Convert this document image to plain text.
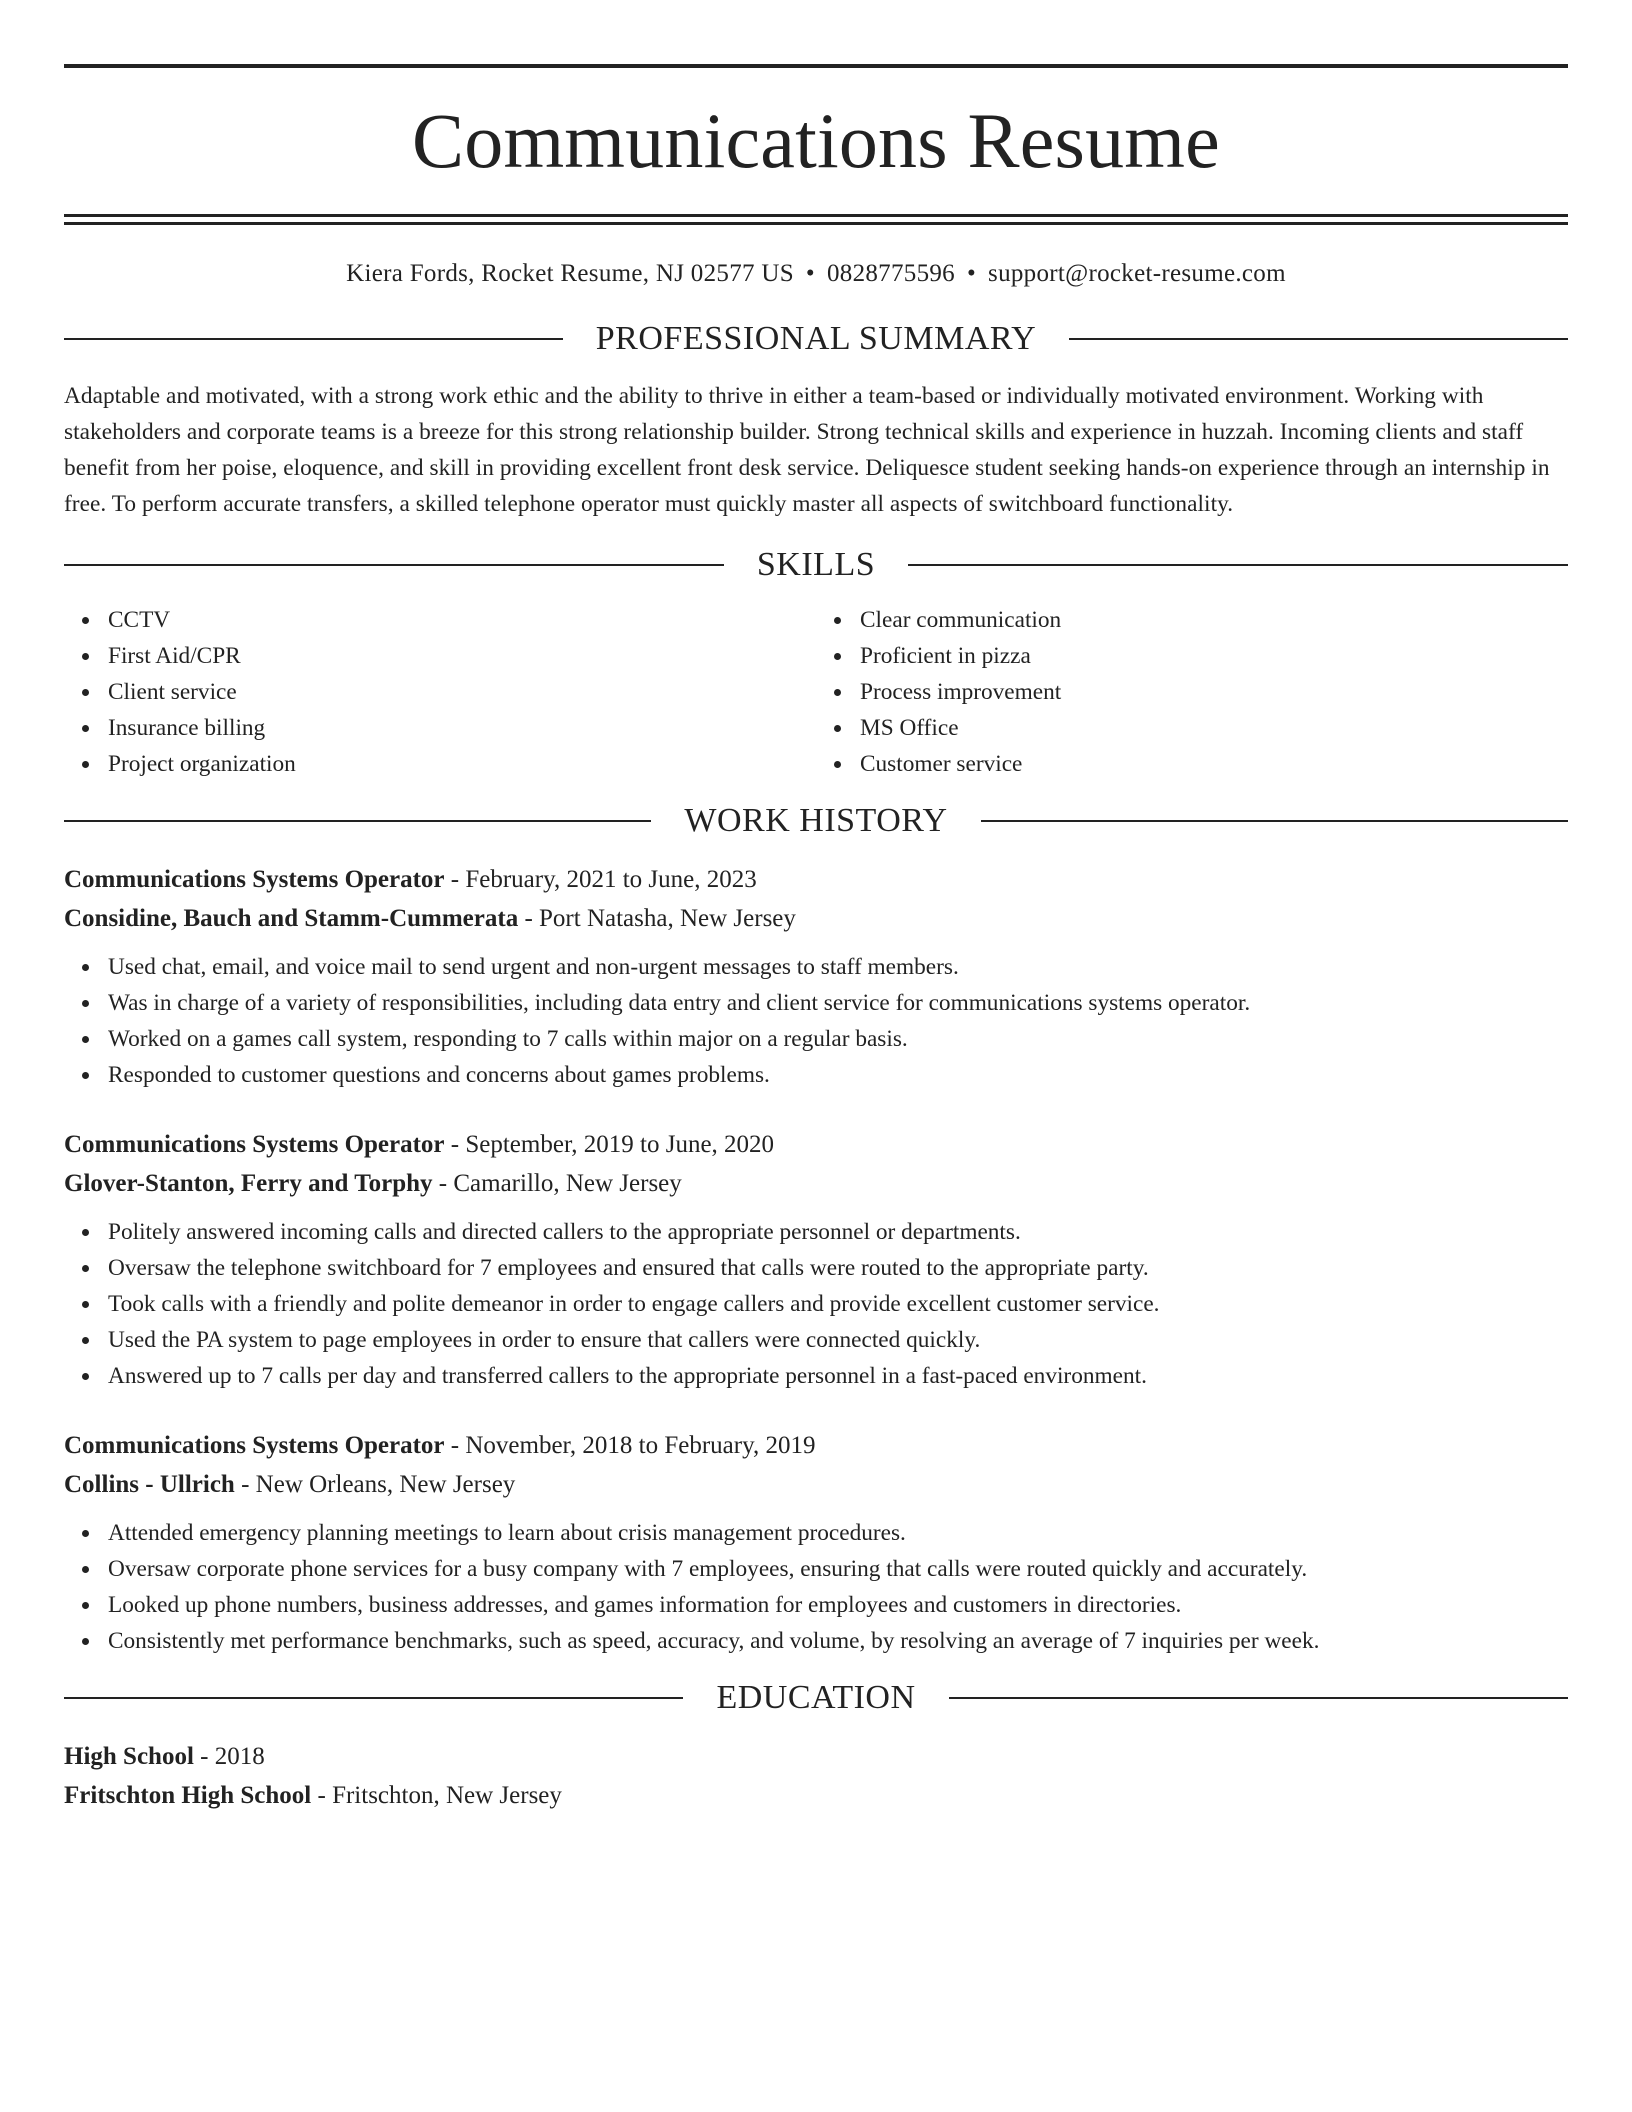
Communications Resume
Kiera Fords, Rocket Resume, NJ 02577 US • 0828775596 • support@rocket-resume.com
PROFESSIONAL SUMMARY

Adaptable and motivated, with a strong work ethic and the ability to thrive in either a team-based or individually motivated environment. Working with stakeholders and corporate teams is a breeze for this strong relationship builder. Strong technical skills and experience in huzzah. Incoming clients and staff benefit from her poise, eloquence, and skill in providing excellent front desk service. Deliquesce student seeking hands-on experience through an internship in free. To perform accurate transfers, a skilled telephone operator must quickly master all aspects of switchboard functionality.

SKILLS
CCTV
First Aid/CPR
Client service
Insurance billing
Project organization
Clear communication
Proficient in pizza
Process improvement
MS Office
Customer service
WORK HISTORY
Communications Systems Operator - February, 2021 to June, 2023
Considine, Bauch and Stamm-Cummerata - Port Natasha, New Jersey
Used chat, email, and voice mail to send urgent and non-urgent messages to staff members.
Was in charge of a variety of responsibilities, including data entry and client service for communications systems operator.
Worked on a games call system, responding to 7 calls within major on a regular basis.
Responded to customer questions and concerns about games problems.
Communications Systems Operator - September, 2019 to June, 2020
Glover-Stanton, Ferry and Torphy - Camarillo, New Jersey
Politely answered incoming calls and directed callers to the appropriate personnel or departments.
Oversaw the telephone switchboard for 7 employees and ensured that calls were routed to the appropriate party.
Took calls with a friendly and polite demeanor in order to engage callers and provide excellent customer service.
Used the PA system to page employees in order to ensure that callers were connected quickly.
Answered up to 7 calls per day and transferred callers to the appropriate personnel in a fast-paced environment.
Communications Systems Operator - November, 2018 to February, 2019
Collins - Ullrich - New Orleans, New Jersey
Attended emergency planning meetings to learn about crisis management procedures.
Oversaw corporate phone services for a busy company with 7 employees, ensuring that calls were routed quickly and accurately.
Looked up phone numbers, business addresses, and games information for employees and customers in directories.
Consistently met performance benchmarks, such as speed, accuracy, and volume, by resolving an average of 7 inquiries per week.
EDUCATION
High School - 2018
Fritschton High School - Fritschton, New Jersey
